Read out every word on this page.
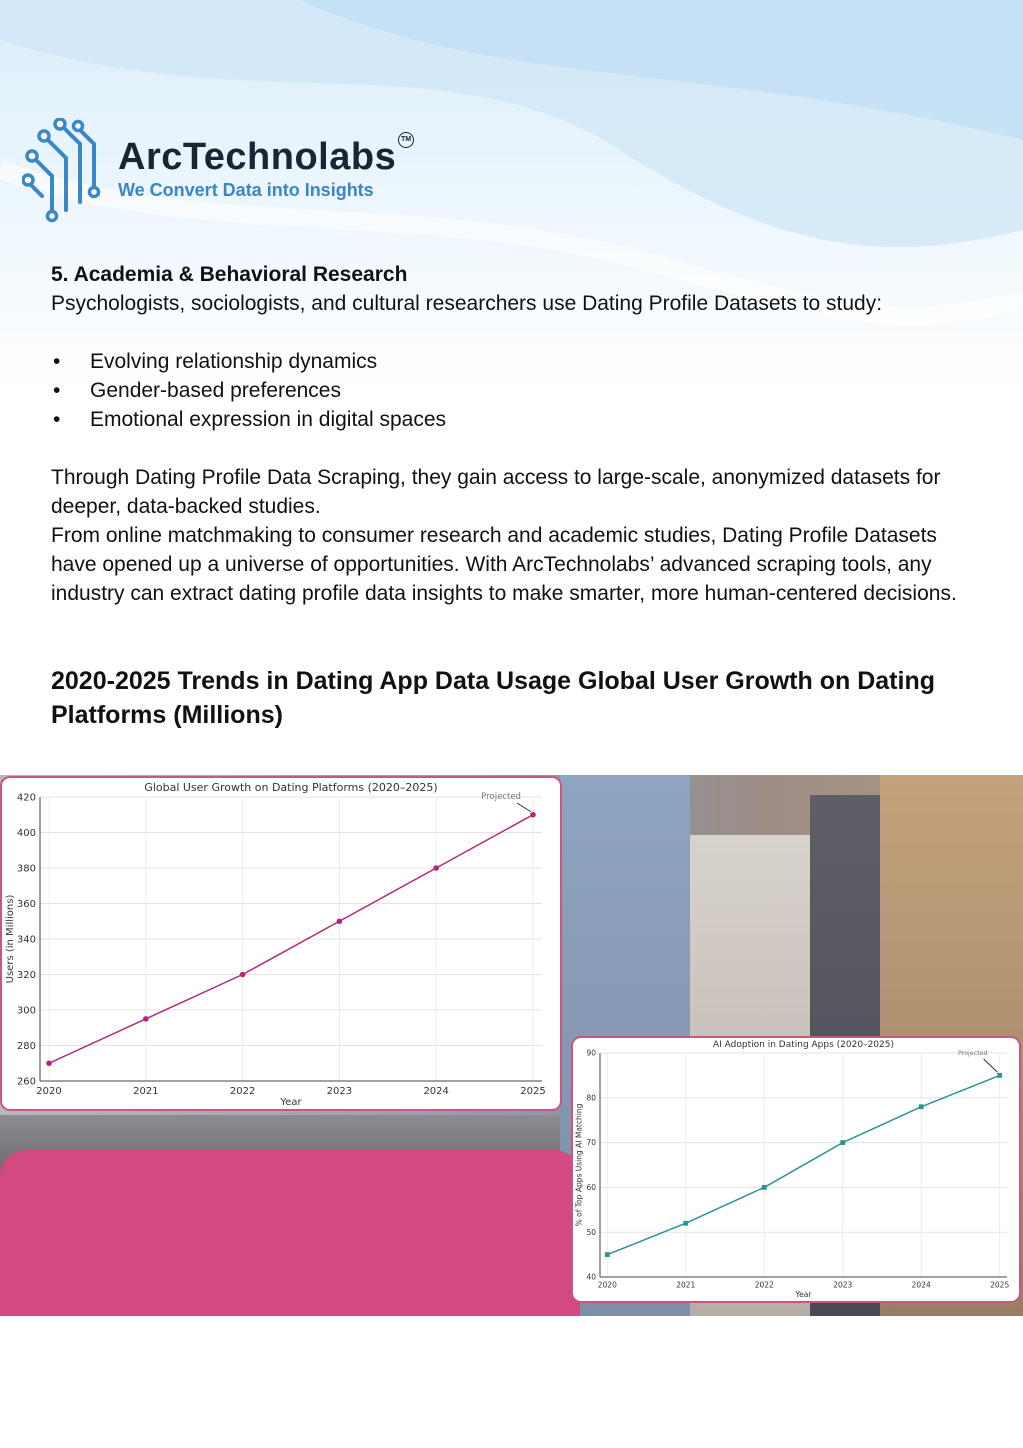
ArcTechnolabs TM
We Convert Data into Insights

5. Academia & Behavioral Research

Psychologists, sociologists, and cultural researchers use Dating Profile Datasets to study:

• Evolving relationship dynamics
• Gender-based preferences
• Emotional expression in digital spaces

Through Dating Profile Data Scraping, they gain access to large-scale, anonymized datasets for deeper, data-backed studies.

From online matchmaking to consumer research and academic studies, Dating Profile Datasets have opened up a universe of opportunities. With ArcTechnolabs’ advanced scraping tools, any industry can extract dating profile data insights to make smarter, more human-centered decisions.

2020-2025 Trends in Dating App Data Usage Global User Growth on Dating Platforms (Millions)
Global User Growth on Dating Platforms (2020–2025)
260
280
300
320
340
360
380
400
420
2020	2021	2022	2023	2024	2025
Year
Users (in Millions)
Projected
AI Adoption in Dating Apps (2020–2025)
40
50
60
70
80
90
2020	2021	2022	2023	2024	2025
Year
% of Top Apps Using AI Matching
Projected
